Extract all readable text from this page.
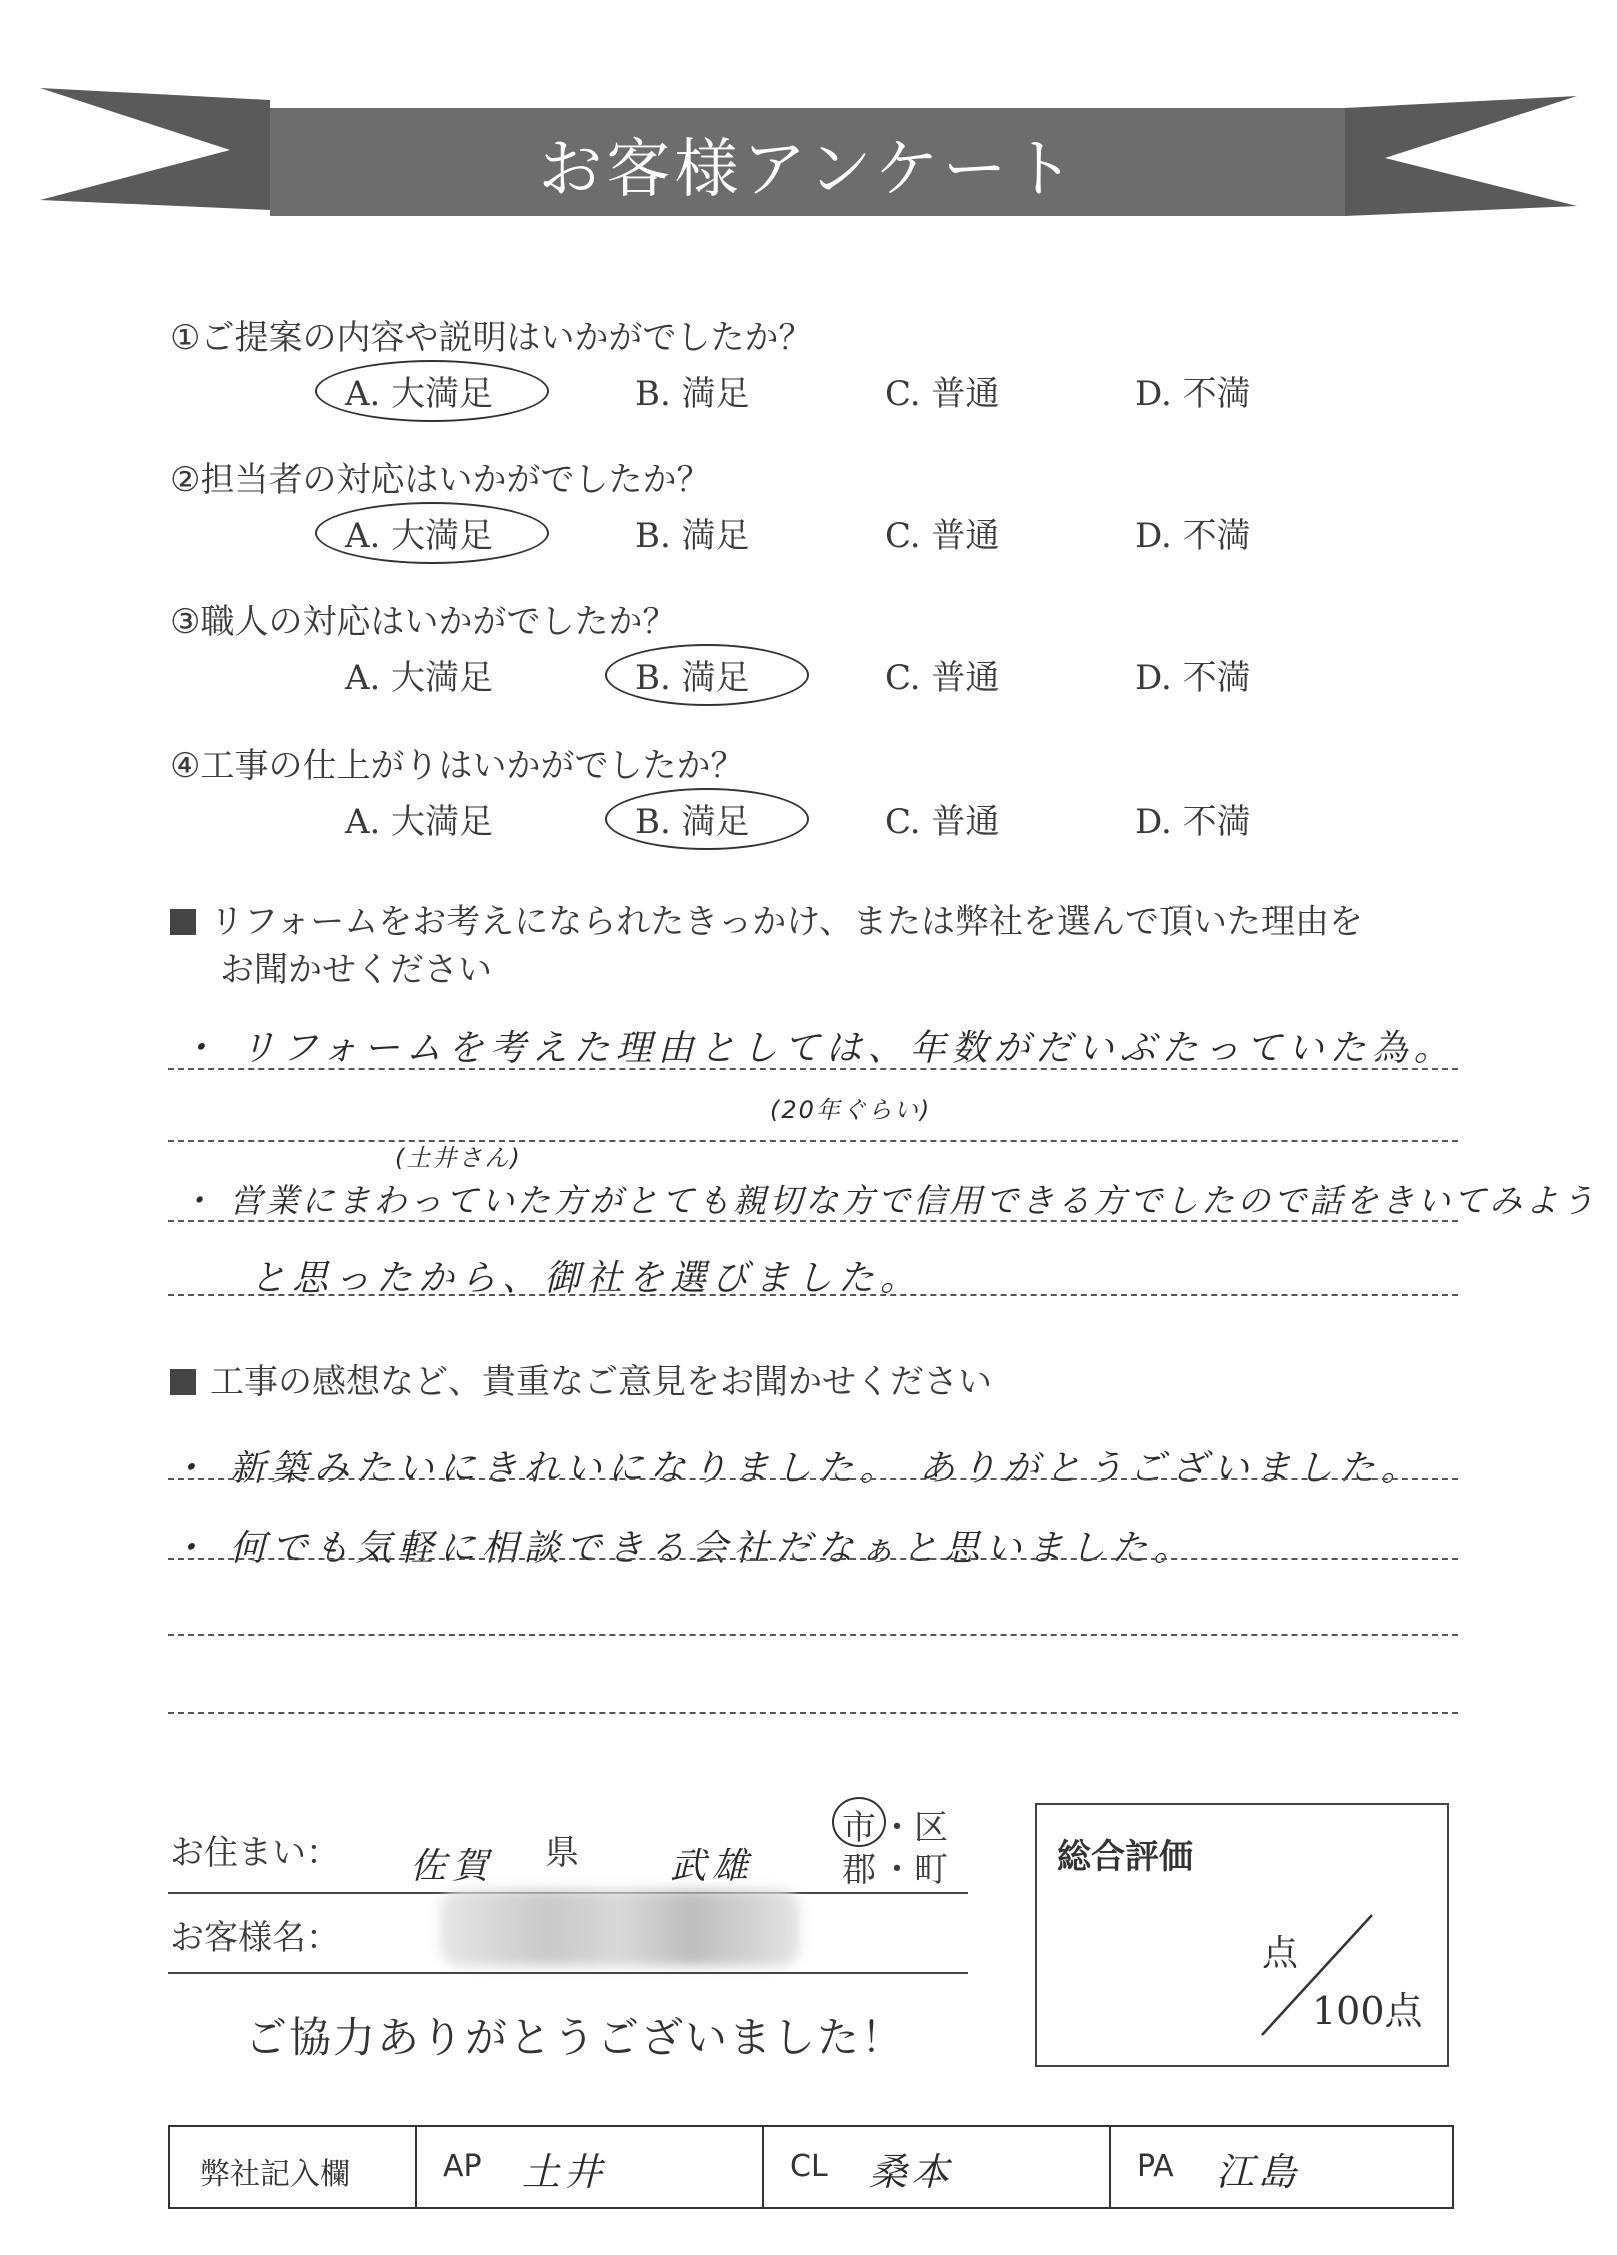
お客様アンケート
①ご提案の内容や説明はいかがでしたか？
A. 大満足	B. 満足	C. 普通	D. 不満
②担当者の対応はいかがでしたか？
A. 大満足	B. 満足	C. 普通	D. 不満
③職人の対応はいかがでしたか？
A. 大満足	B. 満足	C. 普通	D. 不満
④工事の仕上がりはいかがでしたか？
A. 大満足	B. 満足	C. 普通	D. 不満
リフォームをお考えになられたきっかけ、または弊社を選んで頂いた理由を
お聞かせください
・ リフォームを考えた理由としては、年数がだいぶたっていた為。
(20年ぐらい)
(土井さん)
・ 営業にまわっていた方がとても親切な方で信用できる方でしたので話をきいてみよう
と思ったから、御社を選びました。
工事の感想など、貴重なご意見をお聞かせください
・ 新築みたいにきれいになりました。 ありがとうございました。
・ 何でも気軽に相談できる会社だなぁと思いました。
お住まい： 佐賀 県	武雄
市 ・区
郡 ・町
お客様名：
ご協力ありがとうございました！
総合評価
点
100点
弊社記入欄	AP 土井	CL 桑本	PA 江島
